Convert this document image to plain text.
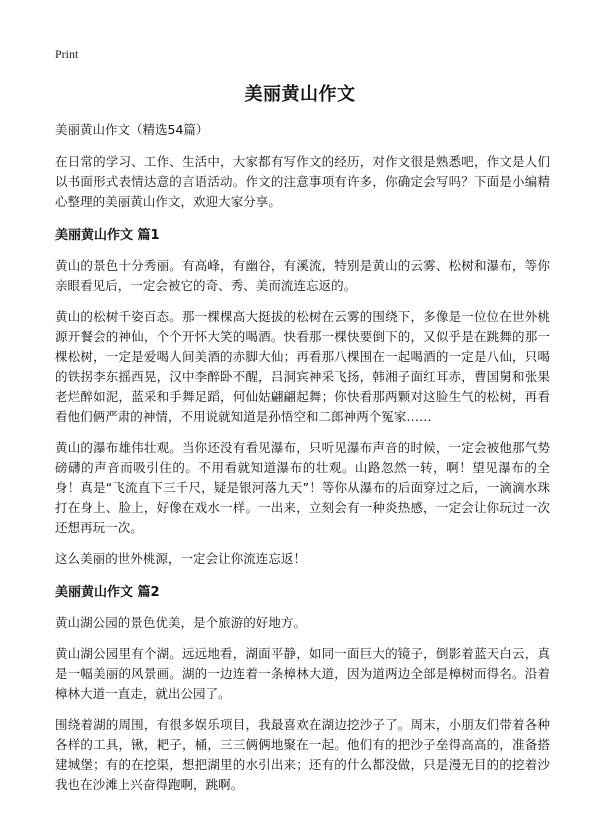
Print
美丽黄山作文

美丽黄山作文（精选54篇）

在日常的学习、工作、生活中，大家都有写作文的经历，对作文很是熟悉吧，作文是人们以书面形式表情达意的言语活动。作文的注意事项有许多，你确定会写吗？下面是小编精心整理的美丽黄山作文，欢迎大家分享。

美丽黄山作文 篇1

黄山的景色十分秀丽。有高峰，有幽谷，有溪流，特别是黄山的云雾、松树和瀑布，等你亲眼看见后，一定会被它的奇、秀、美而流连忘返的。

黄山的松树千姿百态。那一棵棵高大挺拔的松树在云雾的围绕下，多像是一位位在世外桃源开餐会的神仙，个个开怀大笑的喝酒。快看那一棵快要倒下的，又似乎是在跳舞的那一棵松树，一定是爱喝人间美酒的赤脚大仙；再看那八棵围在一起喝酒的一定是八仙，只喝的铁拐李东摇西晃，汉中李醉卧不醒，吕洞宾神采飞扬，韩湘子面红耳赤，曹国舅和张果老烂醉如泥，蓝采和手舞足蹈，何仙姑翩翩起舞；你快看那两颗对这脸生气的松树，再看看他们俩严肃的神情，不用说就知道是孙悟空和二郎神两个冤家……

黄山的瀑布雄伟壮观。当你还没有看见瀑布，只听见瀑布声音的时候，一定会被他那气势磅礴的声音而吸引住的。不用看就知道瀑布的壮观。山路忽然一转，啊！望见瀑布的全身！真是“飞流直下三千尺，疑是银河落九天”！等你从瀑布的后面穿过之后，一滴滴水珠打在身上、脸上，好像在戏水一样。一出来，立刻会有一种炎热感，一定会让你玩过一次还想再玩一次。

这么美丽的世外桃源，一定会让你流连忘返！

美丽黄山作文 篇2

黄山湖公园的景色优美，是个旅游的好地方。

黄山湖公园里有个湖。远远地看，湖面平静，如同一面巨大的镜子，倒影着蓝天白云，真是一幅美丽的风景画。湖的一边连着一条樟林大道，因为道两边全部是樟树而得名。沿着樟林大道一直走，就出公园了。

围绕着湖的周围，有很多娱乐项目，我最喜欢在湖边挖沙子了。周末，小朋友们带着各种各样的工具，锹，耙子，桶，三三俩俩地聚在一起。他们有的把沙子垒得高高的，准备搭建城堡；有的在挖渠，想把湖里的水引出来；还有的什么都没做，只是漫无目的的挖着沙我也在沙滩上兴奋得跑啊，跳啊。
